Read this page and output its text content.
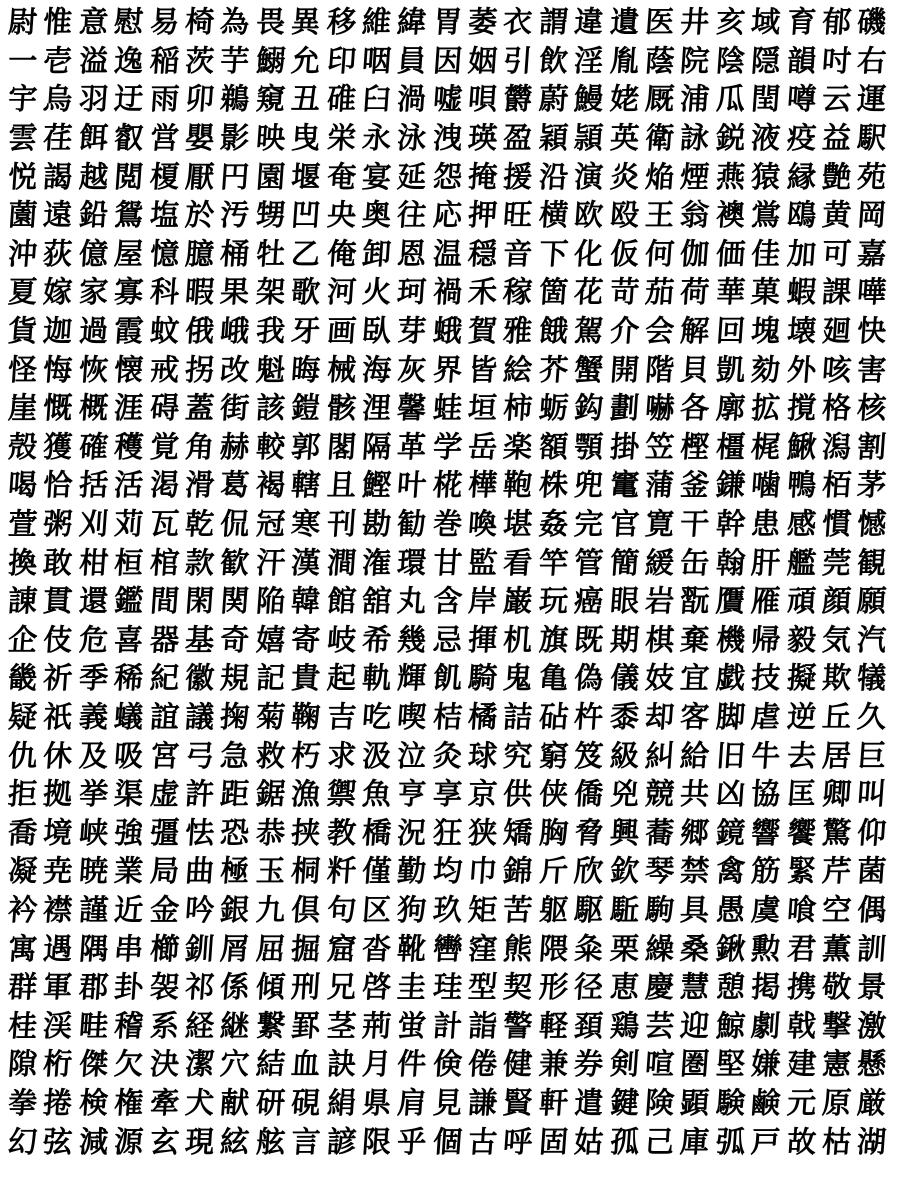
尉 惟 意 慰 易 椅 為 畏 異 移 維 緯 胃 萎 衣 謂 違 遺 医 井 亥 域 育 郁 磯
一 壱 溢 逸 稲 茨 芋 鰯 允 印 咽 員 因 姻 引 飲 淫 胤 蔭 院 陰 隠 韻 吋 右
宇 烏 羽 迂 雨 卯 鵜 窺 丑 碓 臼 渦 嘘 唄 欝 蔚 鰻 姥 厩 浦 瓜 閏 噂 云 運
雲 荏 餌 叡 営 嬰 影 映 曳 栄 永 泳 洩 瑛 盈 穎 頴 英 衛 詠 鋭 液 疫 益 駅
悦 謁 越 閲 榎 厭 円 園 堰 奄 宴 延 怨 掩 援 沿 演 炎 焔 煙 燕 猿 縁 艶 苑
薗 遠 鉛 鴛 塩 於 汚 甥 凹 央 奥 往 応 押 旺 横 欧 殴 王 翁 襖 鴬 鴎 黄 岡
沖 荻 億 屋 憶 臆 桶 牡 乙 俺 卸 恩 温 穏 音 下 化 仮 何 伽 価 佳 加 可 嘉
夏 嫁 家 寡 科 暇 果 架 歌 河 火 珂 禍 禾 稼 箇 花 苛 茄 荷 華 菓 蝦 課 嘩
貨 迦 過 霞 蚊 俄 峨 我 牙 画 臥 芽 蛾 賀 雅 餓 駕 介 会 解 回 塊 壊 廻 快
怪 悔 恢 懐 戒 拐 改 魁 晦 械 海 灰 界 皆 絵 芥 蟹 開 階 貝 凱 劾 外 咳 害
崖 慨 概 涯 碍 蓋 街 該 鎧 骸 浬 馨 蛙 垣 柿 蛎 鈎 劃 嚇 各 廓 拡 撹 格 核
殻 獲 確 穫 覚 角 赫 較 郭 閣 隔 革 学 岳 楽 額 顎 掛 笠 樫 橿 梶 鰍 潟 割
喝 恰 括 活 渇 滑 葛 褐 轄 且 鰹 叶 椛 樺 鞄 株 兜 竃 蒲 釜 鎌 噛 鴨 栢 茅
萱 粥 刈 苅 瓦 乾 侃 冠 寒 刊 勘 勧 巻 喚 堪 姦 完 官 寛 干 幹 患 感 慣 憾
換 敢 柑 桓 棺 款 歓 汗 漢 澗 潅 環 甘 監 看 竿 管 簡 緩 缶 翰 肝 艦 莞 観
諌 貫 還 鑑 間 閑 関 陥 韓 館 舘 丸 含 岸 巌 玩 癌 眼 岩 翫 贋 雁 頑 顔 願
企 伎 危 喜 器 基 奇 嬉 寄 岐 希 幾 忌 揮 机 旗 既 期 棋 棄 機 帰 毅 気 汽
畿 祈 季 稀 紀 徽 規 記 貴 起 軌 輝 飢 騎 鬼 亀 偽 儀 妓 宜 戯 技 擬 欺 犠
疑 祇 義 蟻 誼 議 掬 菊 鞠 吉 吃 喫 桔 橘 詰 砧 杵 黍 却 客 脚 虐 逆 丘 久
仇 休 及 吸 宮 弓 急 救 朽 求 汲 泣 灸 球 究 窮 笈 級 糾 給 旧 牛 去 居 巨
拒 拠 挙 渠 虚 許 距 鋸 漁 禦 魚 亨 享 京 供 侠 僑 兇 競 共 凶 協 匡 卿 叫
喬 境 峡 強 彊 怯 恐 恭 挟 教 橋 況 狂 狭 矯 胸 脅 興 蕎 郷 鏡 響 饗 驚 仰
凝 尭 暁 業 局 曲 極 玉 桐 粁 僅 勤 均 巾 錦 斤 欣 欽 琴 禁 禽 筋 緊 芹 菌
衿 襟 謹 近 金 吟 銀 九 倶 句 区 狗 玖 矩 苦 躯 駆 駈 駒 具 愚 虞 喰 空 偶
寓 遇 隅 串 櫛 釧 屑 屈 掘 窟 沓 靴 轡 窪 熊 隈 粂 栗 繰 桑 鍬 勲 君 薫 訓
群 軍 郡 卦 袈 祁 係 傾 刑 兄 啓 圭 珪 型 契 形 径 恵 慶 慧 憩 掲 携 敬 景
桂 渓 畦 稽 系 経 継 繋 罫 茎 荊 蛍 計 詣 警 軽 頚 鶏 芸 迎 鯨 劇 戟 撃 激
隙 桁 傑 欠 決 潔 穴 結 血 訣 月 件 倹 倦 健 兼 券 剣 喧 圏 堅 嫌 建 憲 懸
拳 捲 検 権 牽 犬 献 研 硯 絹 県 肩 見 謙 賢 軒 遣 鍵 険 顕 験 鹸 元 原 厳
幻 弦 減 源 玄 現 絃 舷 言 諺 限 乎 個 古 呼 固 姑 孤 己 庫 弧 戸 故 枯 湖
